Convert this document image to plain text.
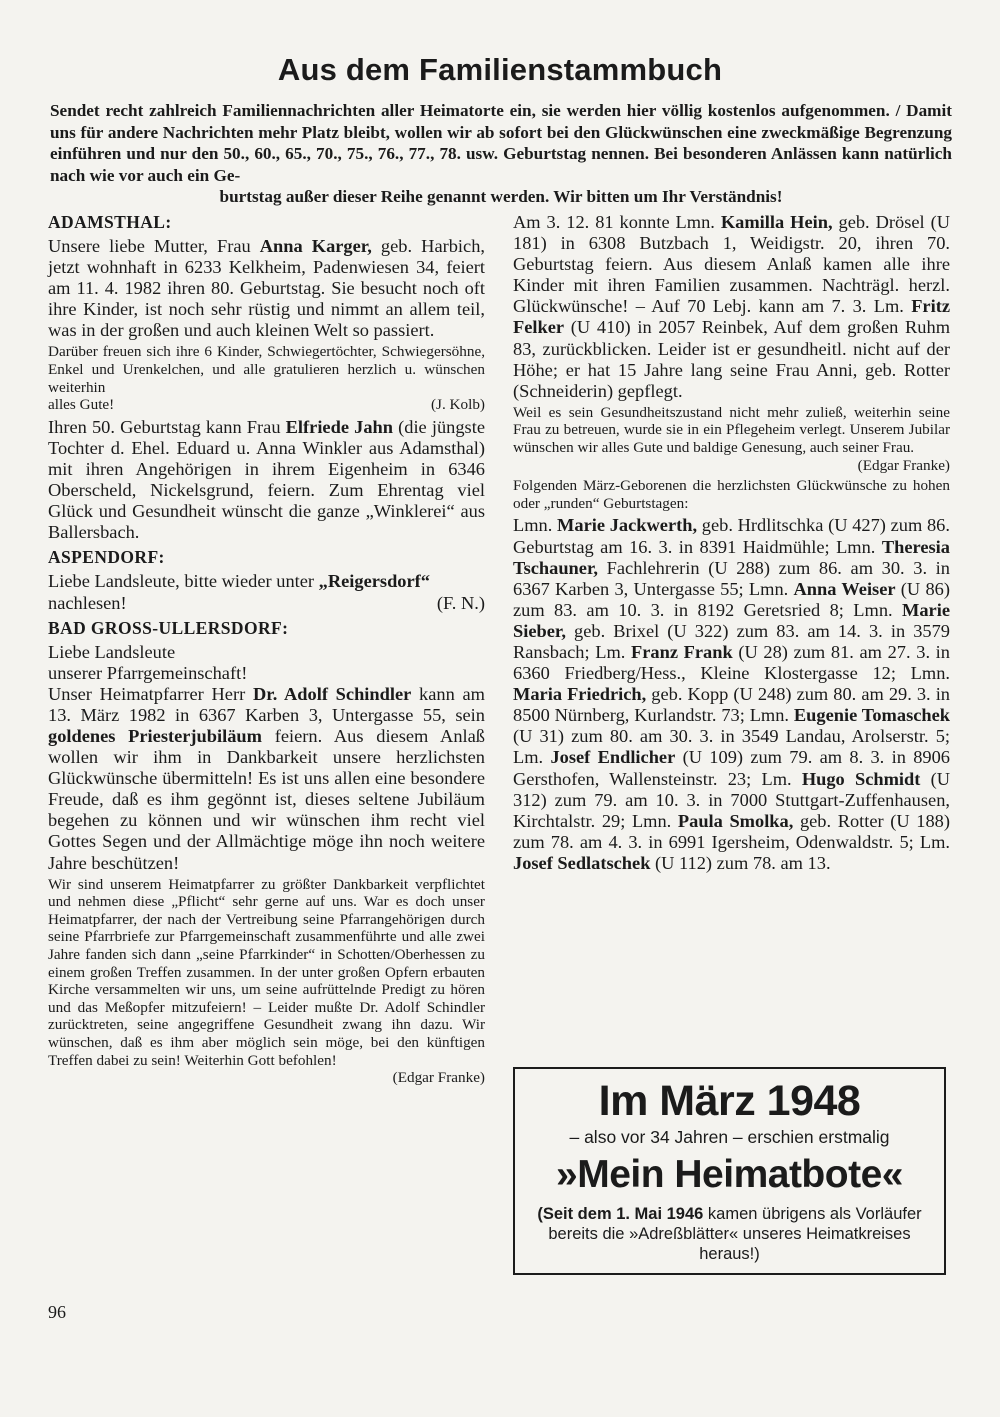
Aus dem Familienstammbuch

Sendet recht zahlreich Familiennachrichten aller Heimatorte ein, sie werden hier völlig kostenlos aufgenommen. / Damit uns für andere Nachrichten mehr Platz bleibt, wollen wir ab sofort bei den Glückwünschen eine zweckmäßige Begrenzung einführen und nur den 50., 60., 65., 70., 75., 76., 77., 78. usw. Geburtstag nennen. Bei besonderen Anlässen kann natürlich nach wie vor auch ein Ge-
burtstag außer dieser Reihe genannt werden. Wir bitten um Ihr Verständnis!

ADAMSTHAL:

Unsere liebe Mutter, Frau Anna Karger, geb. Harbich, jetzt wohnhaft in 6233 Kelkheim, Padenwiesen 34, feiert am 11. 4. 1982 ihren 80. Geburtstag. Sie besucht noch oft ihre Kinder, ist noch sehr rüstig und nimmt an allem teil, was in der großen und auch kleinen Welt so passiert.

Darüber freuen sich ihre 6 Kinder, Schwiegertöchter, Schwiegersöhne, Enkel und Urenkelchen, und alle gratulieren herzlich u. wünschen weiterhin
alles Gute!	(J. Kolb)

Ihren 50. Geburtstag kann Frau Elfriede Jahn (die jüngste Tochter d. Ehel. Eduard u. Anna Winkler aus Adamsthal) mit ihren Angehörigen in ihrem Eigenheim in 6346 Oberscheld, Nickelsgrund, feiern. Zum Ehrentag viel Glück und Gesundheit wünscht die ganze „Winklerei“ aus Ballersbach.

ASPENDORF:

Liebe Landsleute, bitte wieder unter „Reigersdorf“
nachlesen!	(F. N.)

BAD GROSS-ULLERSDORF:

Liebe Landsleute
unserer Pfarrgemeinschaft!

Unser Heimatpfarrer Herr Dr. Adolf Schindler kann am 13. März 1982 in 6367 Karben 3, Untergasse 55, sein goldenes Priesterjubiläum feiern. Aus diesem Anlaß wollen wir ihm in Dankbarkeit unsere herzlichsten Glückwünsche übermitteln! Es ist uns allen eine besondere Freude, daß es ihm gegönnt ist, dieses seltene Jubiläum begehen zu können und wir wünschen ihm recht viel Gottes Segen und der Allmächtige möge ihn noch weitere Jahre beschützen!

Wir sind unserem Heimatpfarrer zu größter Dankbarkeit verpflichtet und nehmen diese „Pflicht“ sehr gerne auf uns. War es doch unser Heimatpfarrer, der nach der Vertreibung seine Pfarrangehörigen durch seine Pfarrbriefe zur Pfarrgemeinschaft zusammenführte und alle zwei Jahre fanden sich dann „seine Pfarrkinder“ in Schotten/Oberhessen zu einem großen Treffen zusammen. In der unter großen Opfern erbauten Kirche versammelten wir uns, um seine aufrüttelnde Predigt zu hören und das Meßopfer mitzufeiern! – Leider mußte Dr. Adolf Schindler zurücktreten, seine angegriffene Gesundheit zwang ihn dazu. Wir wünschen, daß es ihm aber möglich sein möge, bei den künftigen Treffen dabei zu sein! Weiterhin Gott befohlen!
(Edgar Franke)

Am 3. 12. 81 konnte Lmn. Kamilla Hein, geb. Drösel (U 181) in 6308 Butzbach 1, Weidigstr. 20, ihren 70. Geburtstag feiern. Aus diesem Anlaß kamen alle ihre Kinder mit ihren Familien zusammen. Nachträgl. herzl. Glückwünsche! – Auf 70 Lebj. kann am 7. 3. Lm. Fritz Felker (U 410) in 2057 Reinbek, Auf dem großen Ruhm 83, zurückblicken. Leider ist er gesundheitl. nicht auf der Höhe; er hat 15 Jahre lang seine Frau Anni, geb. Rotter (Schneiderin) gepflegt.

Weil es sein Gesundheitszustand nicht mehr zuließ, weiterhin seine Frau zu betreuen, wurde sie in ein Pflegeheim verlegt. Unserem Jubilar wünschen wir alles Gute und baldige Genesung, auch seiner Frau.
(Edgar Franke)
Folgenden März-Geborenen die herzlichsten Glückwünsche zu hohen oder „runden“ Geburtstagen:

Lmn. Marie Jackwerth, geb. Hrdlitschka (U 427) zum 86. Geburtstag am 16. 3. in 8391 Haidmühle; Lmn. Theresia Tschauner, Fachlehrerin (U 288) zum 86. am 30. 3. in 6367 Karben 3, Untergasse 55; Lmn. Anna Weiser (U 86) zum 83. am 10. 3. in 8192 Geretsried 8; Lmn. Marie Sieber, geb. Brixel (U 322) zum 83. am 14. 3. in 3579 Ransbach; Lm. Franz Frank (U 28) zum 81. am 27. 3. in 6360 Friedberg/Hess., Kleine Klostergasse 12; Lmn. Maria Friedrich, geb. Kopp (U 248) zum 80. am 29. 3. in 8500 Nürnberg, Kurlandstr. 73; Lmn. Eugenie Tomaschek (U 31) zum 80. am 30. 3. in 3549 Landau, Arolserstr. 5; Lm. Josef Endlicher (U 109) zum 79. am 8. 3. in 8906 Gersthofen, Wallensteinstr. 23; Lm. Hugo Schmidt (U 312) zum 79. am 10. 3. in 7000 Stuttgart-Zuffenhausen, Kirchtalstr. 29; Lmn. Paula Smolka, geb. Rotter (U 188) zum 78. am 4. 3. in 6991 Igersheim, Odenwaldstr. 5; Lm. Josef Sedlatschek (U 112) zum 78. am 13.

Im März 1948
– also vor 34 Jahren – erschien erstmalig
»Mein Heimatbote«
(Seit dem 1. Mai 1946 kamen übrigens als Vorläufer bereits die »Adreßblätter« unseres Heimatkreises heraus!)
96
